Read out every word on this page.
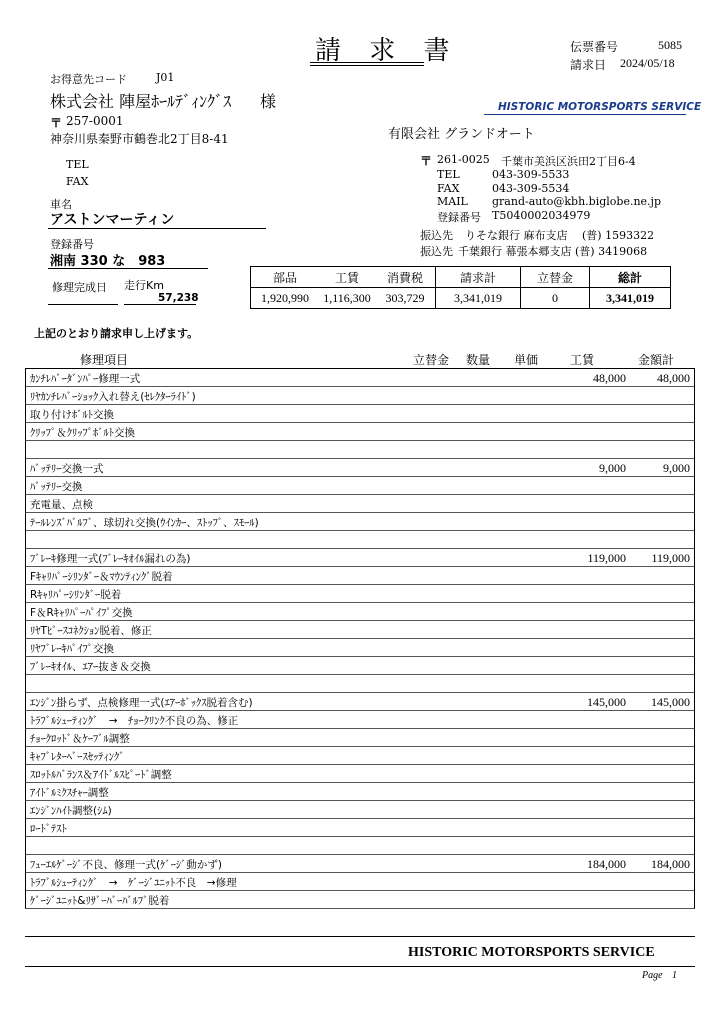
請 求 書	伝票番号	5085
請求日 2024/05/18
お得意先コード	J01
株式会社 陣屋ﾎｰﾙﾃﾞｨﾝｸﾞｽ 様
〒 257-0001
神奈川県秦野市鶴巻北2丁目8-41
TEL
FAX
車名
アストンマーティン
登録番号
湘南 330 な　983
修理完成日 走行Km
57,238
HISTORIC MOTORSPORTS SERVICE
有限会社 グランドオート
〒 261-0025 千葉市美浜区浜田2丁目6-4
TEL	043-309-5533
FAX	043-309-5534
MAIL grand-auto@kbh.biglobe.ne.jp
登録番号 T5040002034979
振込先 りそな銀行 麻布支店　 (普) 1593322
振込先 千葉銀行 幕張本郷支店 (普) 3419068
部品	工賃	消費税	請求計	立替金	総計
1,920,990	1,116,300	303,729	3,341,019	0	3,341,019
上記のとおり請求申し上げます。
修理項目	立替金 数量 単価	工賃	金額計
ｶﾝﾁﾚﾊﾞｰﾀﾞﾝﾊﾟｰ修理一式	48,000	48,000
ﾘﾔｶﾝﾁﾚﾊﾞｰｼｮｯｸ入れ替え(ｾﾚｸﾀｰﾗｲﾄﾞ)
取り付けﾎﾞﾙﾄ交換
ｸﾘｯﾌﾟ＆ｸﾘｯﾌﾟﾎﾞﾙﾄ交換
ﾊﾞｯﾃﾘｰ交換一式	9,000	9,000
ﾊﾞｯﾃﾘｰ交換
充電量、点検
ﾃｰﾙﾚﾝｽﾞﾊﾞﾙﾌﾞ、球切れ交換(ｳｲﾝｶｰ、ｽﾄｯﾌﾟ、ｽﾓｰﾙ)
ﾌﾞﾚｰｷ修理一式(ﾌﾞﾚｰｷｵｲﾙ漏れの為)	119,000 119,000
Fｷｬﾘﾊﾟｰｼﾘﾝﾀﾞｰ＆ﾏｳﾝﾃｨﾝｸﾞ脱着
Rｷｬﾘﾊﾟｰｼﾘﾝﾀﾞｰ脱着
F＆Rｷｬﾘﾊﾟｰﾊﾟｲﾌﾟ交換
ﾘﾔTﾋﾟｰｽｺﾈｸｼｮﾝ脱着、修正
ﾘﾔﾌﾞﾚｰｷﾊﾟｲﾌﾟ交換
ﾌﾞﾚｰｷｵｲﾙ、ｴｱｰ抜き＆交換
ｴﾝｼﾞﾝ掛らず、点検修理一式(ｴｱｰﾎﾞｯｸｽ脱着含む)	145,000 145,000
ﾄﾗﾌﾞﾙｼｭｰﾃｨﾝｸﾞ　→　ﾁｮｰｸﾘﾝｸ不良の為、修正
ﾁｮｰｸﾛｯﾄﾞ＆ｹｰﾌﾞﾙ調整
ｷｬﾌﾞﾚﾀｰﾍﾞｰｽｾｯﾃｨﾝｸﾞ
ｽﾛｯﾄﾙﾊﾞﾗﾝｽ＆ｱｲﾄﾞﾙｽﾋﾟｰﾄﾞ調整
ｱｲﾄﾞﾙﾐｸｽﾁｬｰ調整
ｴﾝｼﾞﾝﾊｲﾄ調整(ｼﾑ)
ﾛｰﾄﾞﾃｽﾄ
ﾌｭｰｴﾙｹﾞｰｼﾞ不良、修理一式(ｹﾞｰｼﾞ動かず)	184,000 184,000
ﾄﾗﾌﾞﾙｼｭｰﾃｨﾝｸﾞ　→　ｹﾞｰｼﾞﾕﾆｯﾄ不良　→修理
ｹﾞｰｼﾞﾕﾆｯﾄ&ﾘｻﾞｰﾊﾞｰﾊﾞﾙﾌﾞ脱着
HISTORIC MOTORSPORTS SERVICE
Page 1
